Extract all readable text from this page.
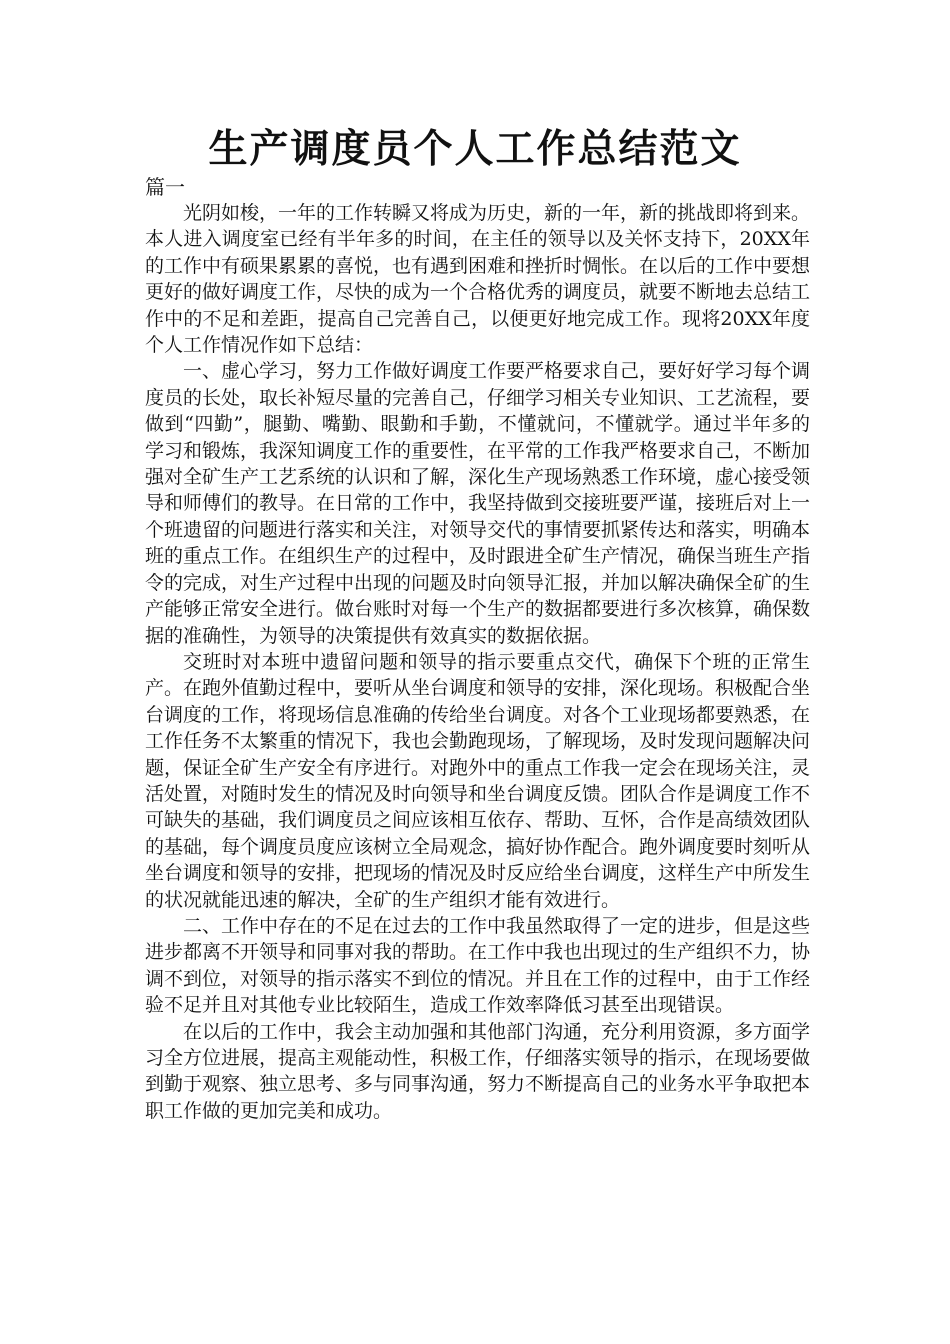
生产调度员个人工作总结范文
篇一

光阴如梭，一年的工作转瞬又将成为历史，新的一年，新的挑战即将到来。本人进入调度室已经有半年多的时间，在主任的领导以及关怀支持下，20XX年的工作中有硕果累累的喜悦，也有遇到困难和挫折时惆怅。在以后的工作中要想更好的做好调度工作，尽快的成为一个合格优秀的调度员，就要不断地去总结工作中的不足和差距，提高自己完善自己，以便更好地完成工作。现将20XX年度个人工作情况作如下总结：

一、虚心学习，努力工作做好调度工作要严格要求自己，要好好学习每个调度员的长处，取长补短尽量的完善自己，仔细学习相关专业知识、工艺流程，要做到“四勤”，腿勤、嘴勤、眼勤和手勤，不懂就问，不懂就学。通过半年多的学习和锻炼，我深知调度工作的重要性，在平常的工作我严格要求自己，不断加强对全矿生产工艺系统的认识和了解，深化生产现场熟悉工作环境，虚心接受领导和师傅们的教导。在日常的工作中，我坚持做到交接班要严谨，接班后对上一个班遗留的问题进行落实和关注，对领导交代的事情要抓紧传达和落实，明确本班的重点工作。在组织生产的过程中，及时跟进全矿生产情况，确保当班生产指令的完成，对生产过程中出现的问题及时向领导汇报，并加以解决确保全矿的生产能够正常安全进行。做台账时对每一个生产的数据都要进行多次核算，确保数据的准确性，为领导的决策提供有效真实的数据依据。

交班时对本班中遗留问题和领导的指示要重点交代，确保下个班的正常生产。在跑外值勤过程中，要听从坐台调度和领导的安排，深化现场。积极配合坐台调度的工作，将现场信息准确的传给坐台调度。对各个工业现场都要熟悉，在工作任务不太繁重的情况下，我也会勤跑现场，了解现场，及时发现问题解决问题，保证全矿生产安全有序进行。对跑外中的重点工作我一定会在现场关注，灵活处置，对随时发生的情况及时向领导和坐台调度反馈。团队合作是调度工作不可缺失的基础，我们调度员之间应该相互依存、帮助、互怀，合作是高绩效团队的基础，每个调度员度应该树立全局观念，搞好协作配合。跑外调度要时刻听从坐台调度和领导的安排，把现场的情况及时反应给坐台调度，这样生产中所发生的状况就能迅速的解决，全矿的生产组织才能有效进行。

二、工作中存在的不足在过去的工作中我虽然取得了一定的进步，但是这些进步都离不开领导和同事对我的帮助。在工作中我也出现过的生产组织不力，协调不到位，对领导的指示落实不到位的情况。并且在工作的过程中，由于工作经验不足并且对其他专业比较陌生，造成工作效率降低习甚至出现错误。

在以后的工作中，我会主动加强和其他部门沟通，充分利用资源，多方面学习全方位进展，提高主观能动性，积极工作，仔细落实领导的指示，在现场要做到勤于观察、独立思考、多与同事沟通，努力不断提高自己的业务水平争取把本职工作做的更加完美和成功。
